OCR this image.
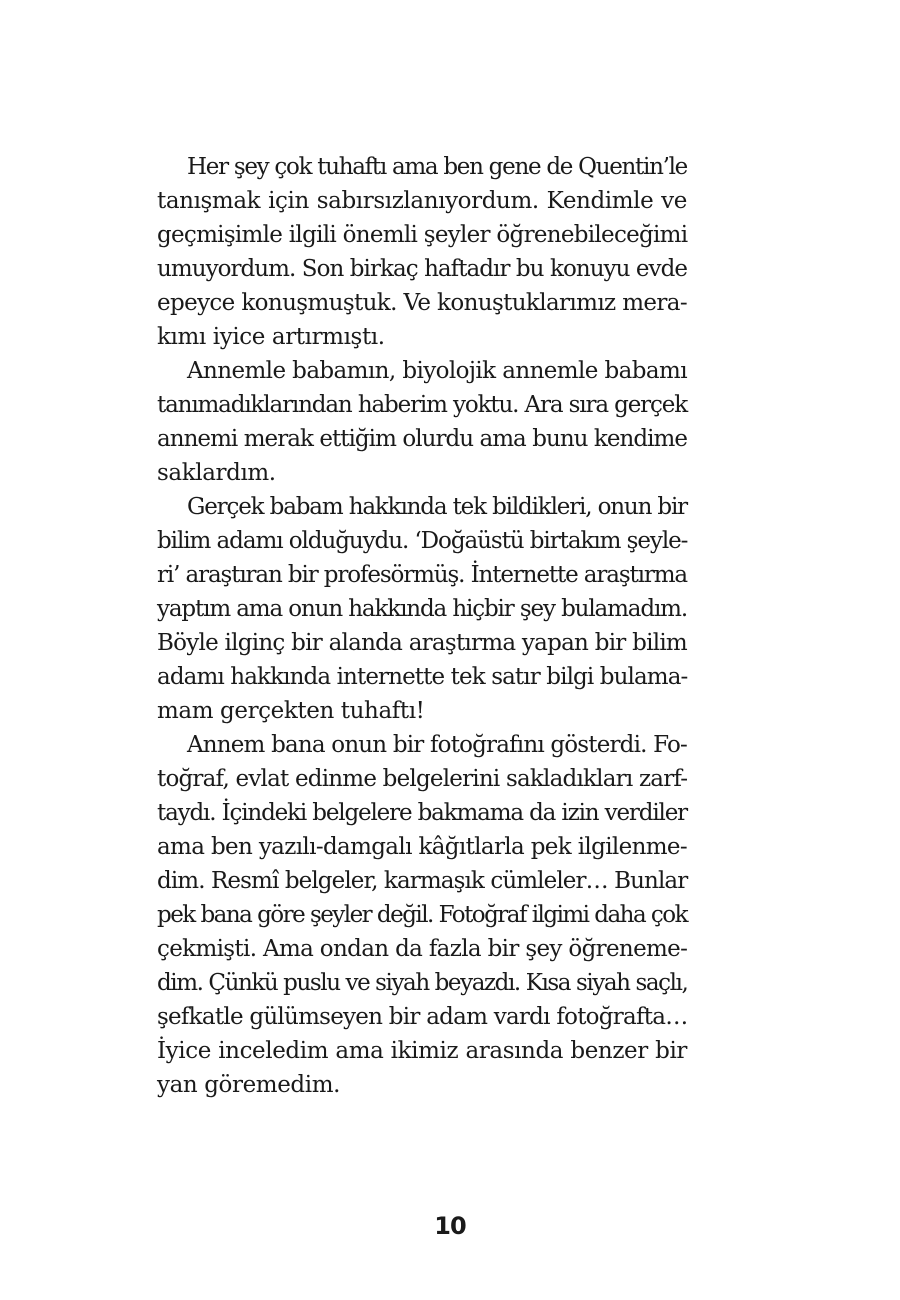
Her şey çok tuhaftı ama ben gene de Quentin’le
tanışmak için sabırsızlanıyordum. Kendimle ve
geçmişimle ilgili önemli şeyler öğrenebileceğimi
umuyordum. Son birkaç haftadır bu konuyu evde
epeyce konuşmuştuk. Ve konuştuklarımız mera-
kımı iyice artırmıştı.
Annemle babamın, biyolojik annemle babamı
tanımadıklarından haberim yoktu. Ara sıra gerçek
annemi merak ettiğim olurdu ama bunu kendime
saklardım.
Gerçek babam hakkında tek bildikleri, onun bir
bilim adamı olduğuydu. ‘Doğaüstü birtakım şeyle-
ri’ araştıran bir profesörmüş. İnternette araştırma
yaptım ama onun hakkında hiçbir şey bulamadım.
Böyle ilginç bir alanda araştırma yapan bir bilim
adamı hakkında internette tek satır bilgi bulama-
mam gerçekten tuhaftı!
Annem bana onun bir fotoğrafını gösterdi. Fo-
toğraf, evlat edinme belgelerini sakladıkları zarf-
taydı. İçindeki belgelere bakmama da izin verdiler
ama ben yazılı-damgalı kâğıtlarla pek ilgilenme-
dim. Resmî belgeler, karmaşık cümleler… Bunlar
pek bana göre şeyler değil. Fotoğraf ilgimi daha çok
çekmişti. Ama ondan da fazla bir şey öğreneme-
dim. Çünkü puslu ve siyah beyazdı. Kısa siyah saçlı,
şefkatle gülümseyen bir adam vardı fotoğrafta…
İyice inceledim ama ikimiz arasında benzer bir
yan göremedim.
10
